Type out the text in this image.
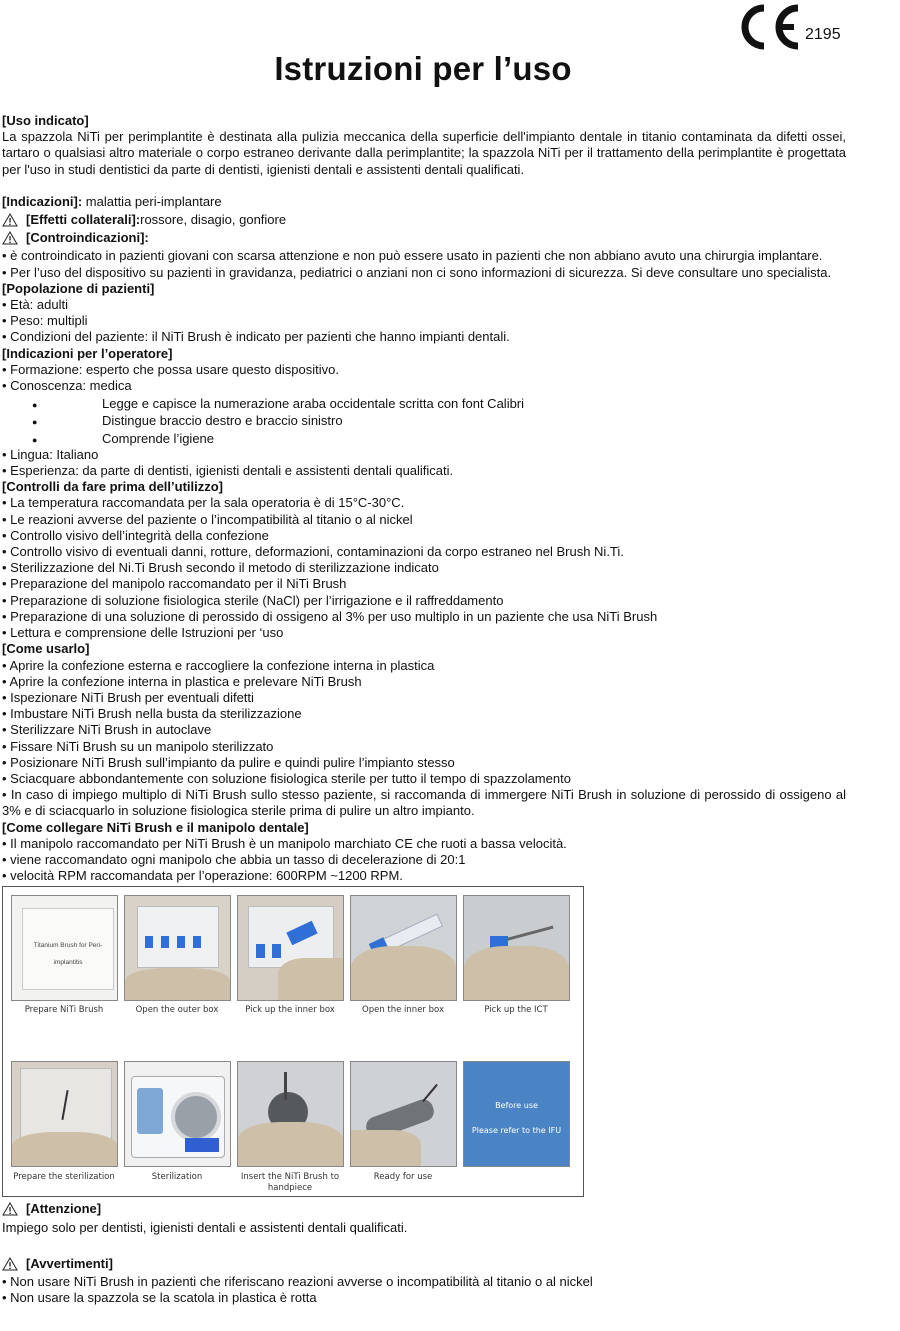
2195
Istruzioni per l’uso

[Uso indicato]

La spazzola NiTi per perimplantite è destinata alla pulizia meccanica della superficie dell'impianto dentale in titanio contaminata da difetti ossei, tartaro o qualsiasi altro materiale o corpo estraneo derivante dalla perimplantite; la spazzola NiTi per il trattamento della perimplantite è progettata per l'uso in studi dentistici da parte di dentisti, igienisti dentali e assistenti dentali qualificati.

[Indicazioni]: malattia peri-implantare

[Effetti collaterali]: rossore, disagio, gonfiore
[Controindicazioni]:

• è controindicato in pazienti giovani con scarsa attenzione e non può essere usato in pazienti che non abbiano avuto una chirurgia implantare.

• Per l’uso del dispositivo su pazienti in gravidanza, pediatrici o anziani non ci sono informazioni di sicurezza. Si deve consultare uno specialista.

[Popolazione di pazienti]

• Età: adulti

• Peso: multipli

• Condizioni del paziente: il NiTi Brush è indicato per pazienti che hanno impianti dentali.

[Indicazioni per l’operatore]

• Formazione: esperto che possa usare questo dispositivo.

• Conoscenza: medica

● Legge e capisce la numerazione araba occidentale scritta con font Calibri

● Distingue braccio destro e braccio sinistro

● Comprende l’igiene

• Lingua: Italiano

• Esperienza: da parte di dentisti, igienisti dentali e assistenti dentali qualificati.

[Controlli da fare prima dell’utilizzo]

• La temperatura raccomandata per la sala operatoria è di 15°C-30°C.

• Le reazioni avverse del paziente o l’incompatibilità al titanio o al nickel

• Controllo visivo dell’integrità della confezione

• Controllo visivo di eventuali danni, rotture, deformazioni, contaminazioni da corpo estraneo nel Brush Ni.Ti.

• Sterilizzazione del Ni.Ti Brush secondo il metodo di sterilizzazione indicato

• Preparazione del manipolo raccomandato per il NiTi Brush

• Preparazione di soluzione fisiologica sterile (NaCl) per l’irrigazione e il raffreddamento

• Preparazione di una soluzione di perossido di ossigeno al 3% per uso multiplo in un paziente che usa NiTi Brush

• Lettura e comprensione delle Istruzioni per ‘uso

[Come usarlo]

• Aprire la confezione esterna e raccogliere la confezione interna in plastica

• Aprire la confezione interna in plastica e prelevare NiTi Brush

• Ispezionare NiTi Brush per eventuali difetti

• Imbustare NiTi Brush nella busta da sterilizzazione

• Sterilizzare NiTi Brush in autoclave

• Fissare NiTi Brush su un manipolo sterilizzato

• Posizionare NiTi Brush sull’impianto da pulire e quindi pulire l’impianto stesso

• Sciacquare abbondantemente con soluzione fisiologica sterile per tutto il tempo di spazzolamento

• In caso di impiego multiplo di NiTi Brush sullo stesso paziente, si raccomanda di immergere NiTi Brush in soluzione di perossido di ossigeno al 3% e di sciacquarlo in soluzione fisiologica sterile prima di pulire un altro impianto.

[Come collegare NiTi Brush e il manipolo dentale]

• Il manipolo raccomandato per NiTi Brush è un manipolo marchiato CE che ruoti a bassa velocità.

• viene raccomandato ogni manipolo che abbia un tasso di decelerazione di 20:1

• velocità RPM raccomandata per l’operazione: 600RPM ~1200 RPM.

Titanium Brush for Peri-implantitis
Prepare NiTi Brush	Open the outer box	Pick up the inner box	Open the inner box	Pick up the ICT
Before use
Please refer to the IFU
Prepare the sterilization	Sterilization	Insert the NiTi Brush to handpiece
Ready for use
[Attenzione]

Impiego solo per dentisti, igienisti dentali e assistenti dentali qualificati.

[Avvertimenti]

• Non usare NiTi Brush in pazienti che riferiscano reazioni avverse o incompatibilità al titanio o al nickel

• Non usare la spazzola se la scatola in plastica è rotta
